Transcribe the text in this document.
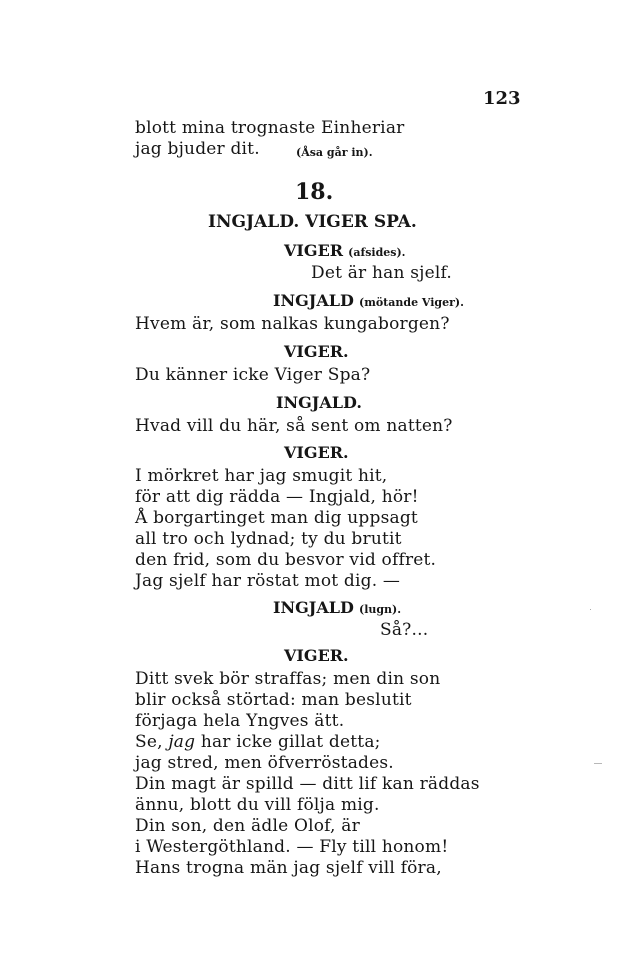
123
blott mina trognaste Einheriar
jag bjuder dit.	(Åsa går in).
18.
INGJALD. VIGER SPA.
VIGER (afsides).
Det är han sjelf.
INGJALD (mötande Viger).
Hvem är, som nalkas kungaborgen?
VIGER.
Du känner icke Viger Spa?
INGJALD.
Hvad vill du här, så sent om natten?
VIGER.
I mörkret har jag smugit hit,
för att dig rädda — Ingjald, hör!
Å borgartinget man dig uppsagt
all tro och lydnad; ty du brutit
den frid, som du besvor vid offret.
Jag sjelf har röstat mot dig. —
INGJALD (lugn).
Så?...
VIGER.
Ditt svek bör straffas; men din son
blir också störtad: man beslutit
förjaga hela Yngves ätt.
Se, jag har icke gillat detta;
jag stred, men öfverröstades.
Din magt är spilld — ditt lif kan räddas
ännu, blott du vill följa mig.
Din son, den ädle Olof, är
i Westergöthland. — Fly till honom!
Hans trogna män jag sjelf vill föra,
